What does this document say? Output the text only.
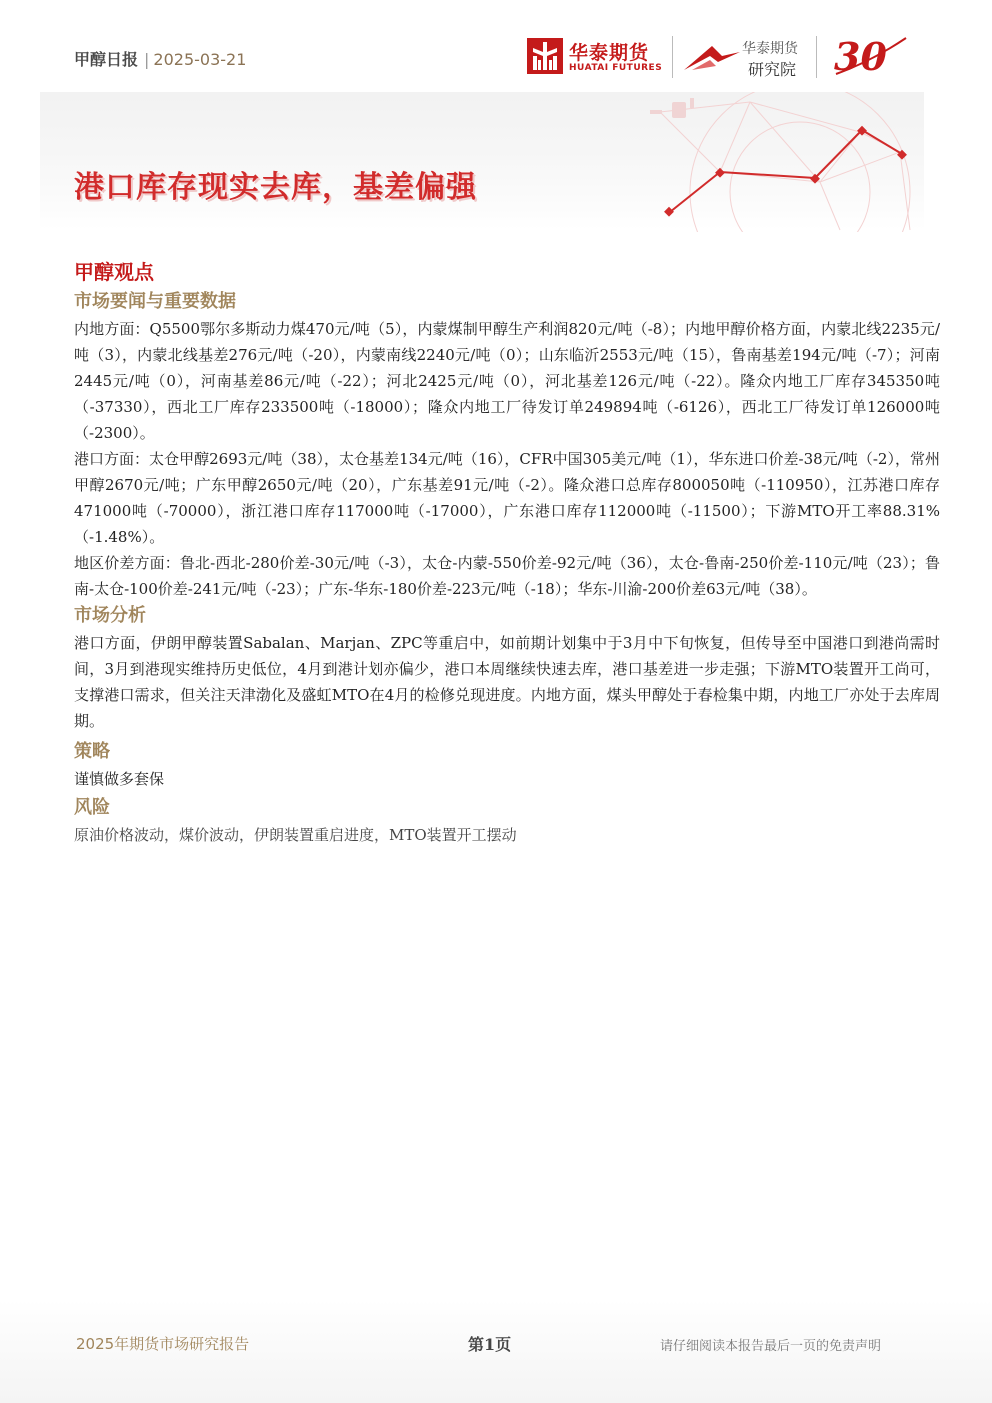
甲醇日报 | 2025-03-21	华泰期货
HUATAI FUTURES
华泰期货
研究院 30
港口库存现实去库，基差偏强
甲醇观点
市场要闻与重要数据

内地方面：Q5500鄂尔多斯动力煤470元/吨（5），内蒙煤制甲醇生产利润820元/吨（-8）；内地甲醇价格方面，内蒙北线2235元/吨（3），内蒙北线基差276元/吨（-20），内蒙南线2240元/吨（0）；山东临沂2553元/吨（15），鲁南基差194元/吨（-7）；河南2445元/吨（0），河南基差86元/吨（-22）；河北2425元/吨（0），河北基差126元/吨（-22）。隆众内地工厂库存345350吨（-37330），西北工厂库存233500吨（-18000）；隆众内地工厂待发订单249894吨（-6126），西北工厂待发订单126000吨（-2300）。

港口方面：太仓甲醇2693元/吨（38），太仓基差134元/吨（16），CFR中国305美元/吨（1），华东进口价差-38元/吨（-2），常州甲醇2670元/吨；广东甲醇2650元/吨（20），广东基差91元/吨（-2）。隆众港口总库存800050吨（-110950），江苏港口库存471000吨（-70000），浙江港口库存117000吨（-17000），广东港口库存112000吨（-11500）；下游MTO开工率88.31%（-1.48%）。

地区价差方面：鲁北-西北-280价差-30元/吨（-3），太仓-内蒙-550价差-92元/吨（36），太仓-鲁南-250价差-110元/吨（23）；鲁南-太仓-100价差-241元/吨（-23）；广东-华东-180价差-223元/吨（-18）；华东-川渝-200价差63元/吨（38）。

市场分析

港口方面，伊朗甲醇装置Sabalan、Marjan、ZPC等重启中，如前期计划集中于3月中下旬恢复，但传导至中国港口到港尚需时间，3月到港现实维持历史低位，4月到港计划亦偏少，港口本周继续快速去库，港口基差进一步走强；下游MTO装置开工尚可，支撑港口需求，但关注天津渤化及盛虹MTO在4月的检修兑现进度。内地方面，煤头甲醇处于春检集中期，内地工厂亦处于去库周期。

策略

谨慎做多套保

风险

原油价格波动，煤价波动，伊朗装置重启进度，MTO装置开工摆动

2025年期货市场研究报告	第1页	请仔细阅读本报告最后一页的免责声明
